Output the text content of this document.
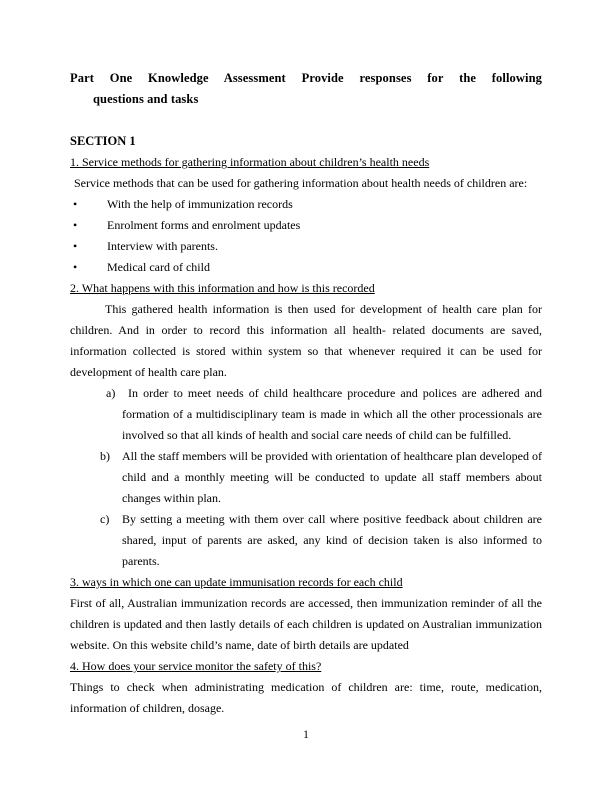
Part One Knowledge Assessment Provide responses for the following
questions and tasks
SECTION 1
1. Service methods for gathering information about children’s health needs
Service methods that can be used for gathering information about health needs of children are:
• With the help of immunization records
• Enrolment forms and enrolment updates
• Interview with parents.
• Medical card of child
2. What happens with this information and how is this recorded
This gathered health information is then used for development of health care plan for children. And in order to record this information all health- related documents are saved, information collected is stored within system so that whenever required it can be used for development of health care plan.
a) In order to meet needs of child healthcare procedure and polices are adhered and formation of a multidisciplinary team is made in which all the other processionals are involved so that all kinds of health and social care needs of child can be fulfilled.
b) All the staff members will be provided with orientation of healthcare plan developed of child and a monthly meeting will be conducted to update all staff members about changes within plan.
c) By setting a meeting with them over call where positive feedback about children are shared, input of parents are asked, any kind of decision taken is also informed to parents.
3. ways in which one can update immunisation records for each child
First of all, Australian immunization records are accessed, then immunization reminder of all the children is updated and then lastly details of each children is updated on Australian immunization website. On this website child’s name, date of birth details are updated
4. How does your service monitor the safety of this?
Things to check when administrating medication of children are: time, route, medication, information of children, dosage.
1
